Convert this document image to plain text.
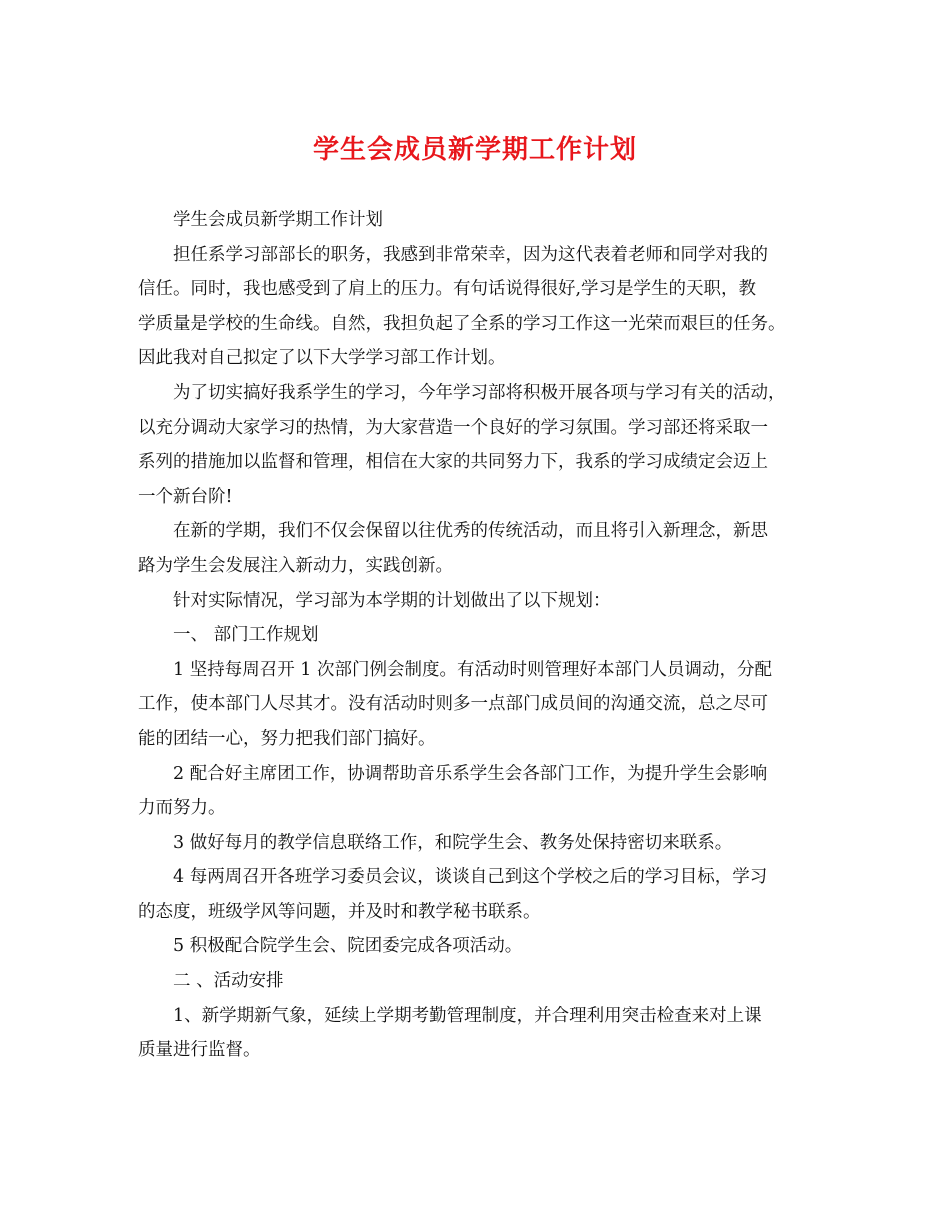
学生会成员新学期工作计划

学生会成员新学期工作计划

担任系学习部部长的职务，我感到非常荣幸，因为这代表着老师和同学对我的
信任。同时，我也感受到了肩上的压力。有句话说得很好,学习是学生的天职，教
学质量是学校的生命线。自然，我担负起了全系的学习工作这一光荣而艰巨的任务。
因此我对自己拟定了以下大学学习部工作计划。

为了切实搞好我系学生的学习，今年学习部将积极开展各项与学习有关的活动，
以充分调动大家学习的热情，为大家营造一个良好的学习氛围。学习部还将采取一
系列的措施加以监督和管理，相信在大家的共同努力下，我系的学习成绩定会迈上
一个新台阶!

在新的学期，我们不仅会保留以往优秀的传统活动，而且将引入新理念，新思
路为学生会发展注入新动力，实践创新。

针对实际情况，学习部为本学期的计划做出了以下规划：

一、 部门工作规划

1 坚持每周召开 1 次部门例会制度。有活动时则管理好本部门人员调动，分配
工作，使本部门人尽其才。没有活动时则多一点部门成员间的沟通交流，总之尽可
能的团结一心，努力把我们部门搞好。

2 配合好主席团工作，协调帮助音乐系学生会各部门工作，为提升学生会影响
力而努力。

3 做好每月的教学信息联络工作，和院学生会、教务处保持密切来联系。

4 每两周召开各班学习委员会议，谈谈自己到这个学校之后的学习目标，学习
的态度，班级学风等问题，并及时和教学秘书联系。

5 积极配合院学生会、院团委完成各项活动。

二 、活动安排

1、新学期新气象，延续上学期考勤管理制度，并合理利用突击检查来对上课
质量进行监督。
